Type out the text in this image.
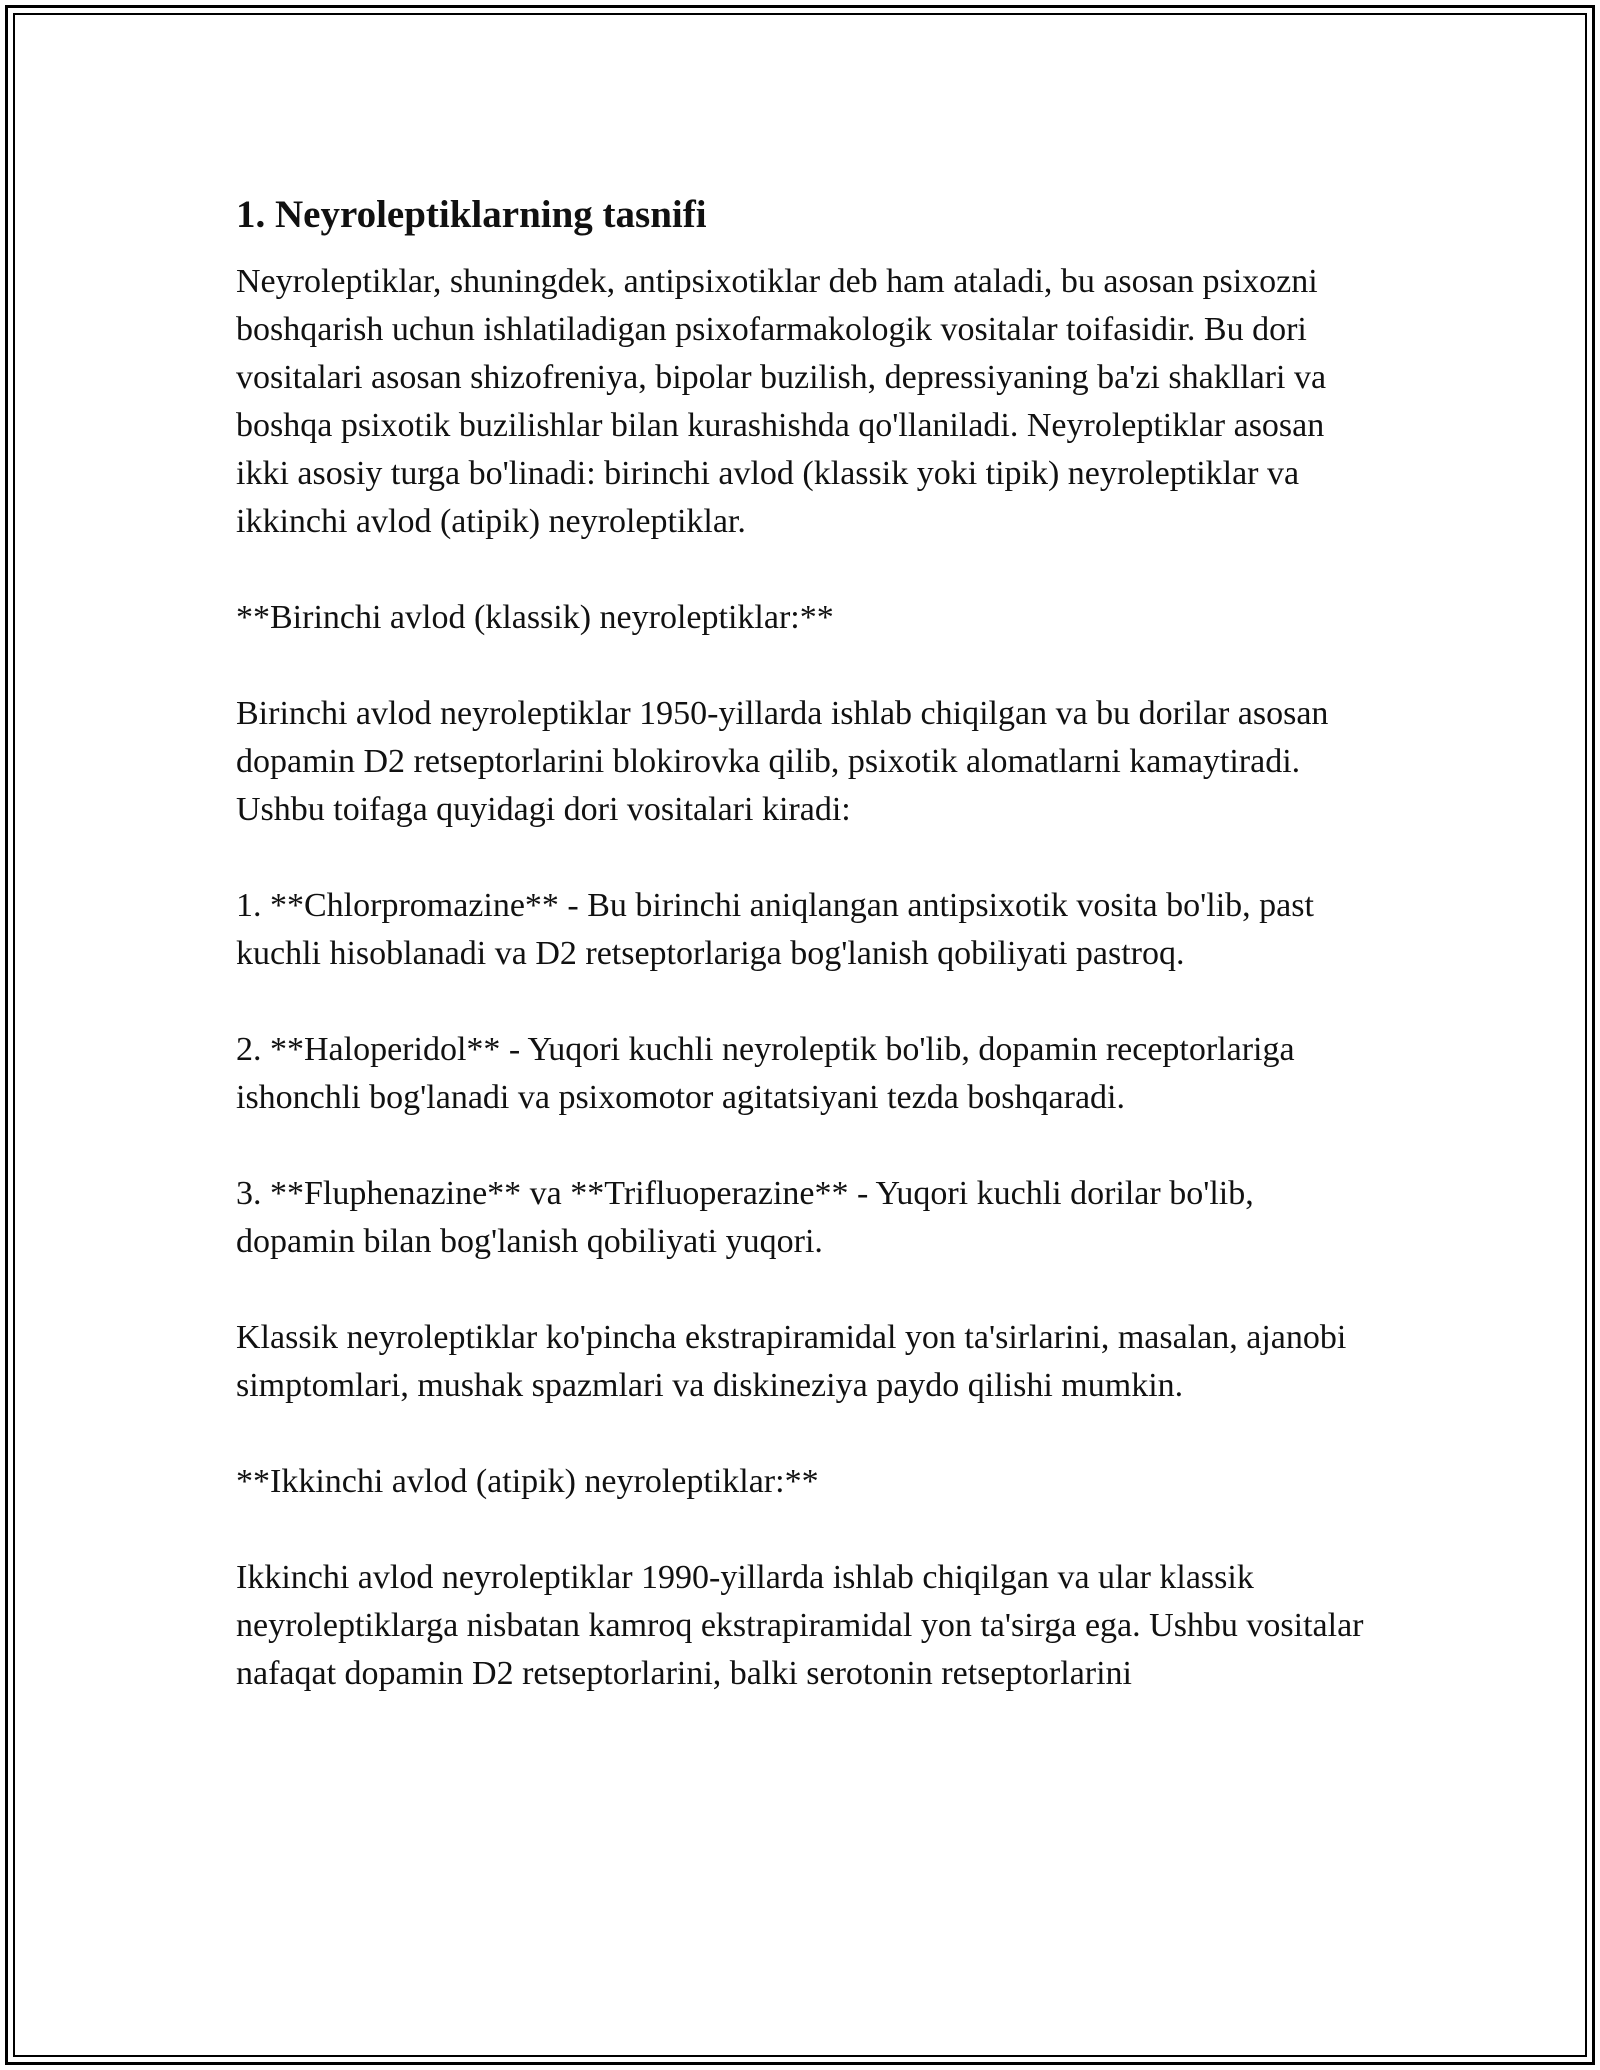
1. Neyroleptiklarning tasnifi

Neyroleptiklar, shuningdek, antipsixotiklar deb ham ataladi, bu asosan psixozni boshqarish uchun ishlatiladigan psixofarmakologik vositalar toifasidir. Bu dori vositalari asosan shizofreniya, bipolar buzilish, depressiyaning ba'zi shakllari va boshqa psixotik buzilishlar bilan kurashishda qo'llaniladi. Neyroleptiklar asosan ikki asosiy turga bo'linadi: birinchi avlod (klassik yoki tipik) neyroleptiklar va ikkinchi avlod (atipik) neyroleptiklar.

**Birinchi avlod (klassik) neyroleptiklar:**

Birinchi avlod neyroleptiklar 1950-yillarda ishlab chiqilgan va bu dorilar asosan dopamin D2 retseptorlarini blokirovka qilib, psixotik alomatlarni kamaytiradi. Ushbu toifaga quyidagi dori vositalari kiradi:

1. **Chlorpromazine** - Bu birinchi aniqlangan antipsixotik vosita bo'lib, past kuchli hisoblanadi va D2 retseptorlariga bog'lanish qobiliyati pastroq.

2. **Haloperidol** - Yuqori kuchli neyroleptik bo'lib, dopamin receptorlariga ishonchli bog'lanadi va psixomotor agitatsiyani tezda boshqaradi.

3. **Fluphenazine** va **Trifluoperazine** - Yuqori kuchli dorilar bo'lib, dopamin bilan bog'lanish qobiliyati yuqori.

Klassik neyroleptiklar ko'pincha ekstrapiramidal yon ta'sirlarini, masalan, ajanobi simptomlari, mushak spazmlari va diskineziya paydo qilishi mumkin.

**Ikkinchi avlod (atipik) neyroleptiklar:**

Ikkinchi avlod neyroleptiklar 1990-yillarda ishlab chiqilgan va ular klassik neyroleptiklarga nisbatan kamroq ekstrapiramidal yon ta'sirga ega. Ushbu vositalar nafaqat dopamin D2 retseptorlarini, balki serotonin retseptorlarini
